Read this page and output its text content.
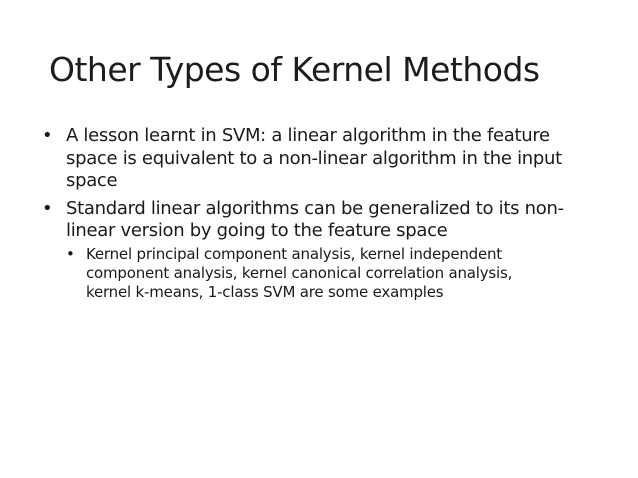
Other Types of Kernel Methods
• A lesson learnt in SVM: a linear algorithm in the feature space is equivalent to a non-linear algorithm in the input space
• Standard linear algorithms can be generalized to its non-linear version by going to the feature space
• Kernel principal component analysis, kernel independent component analysis, kernel canonical correlation analysis, kernel k-means, 1-class SVM are some examples
